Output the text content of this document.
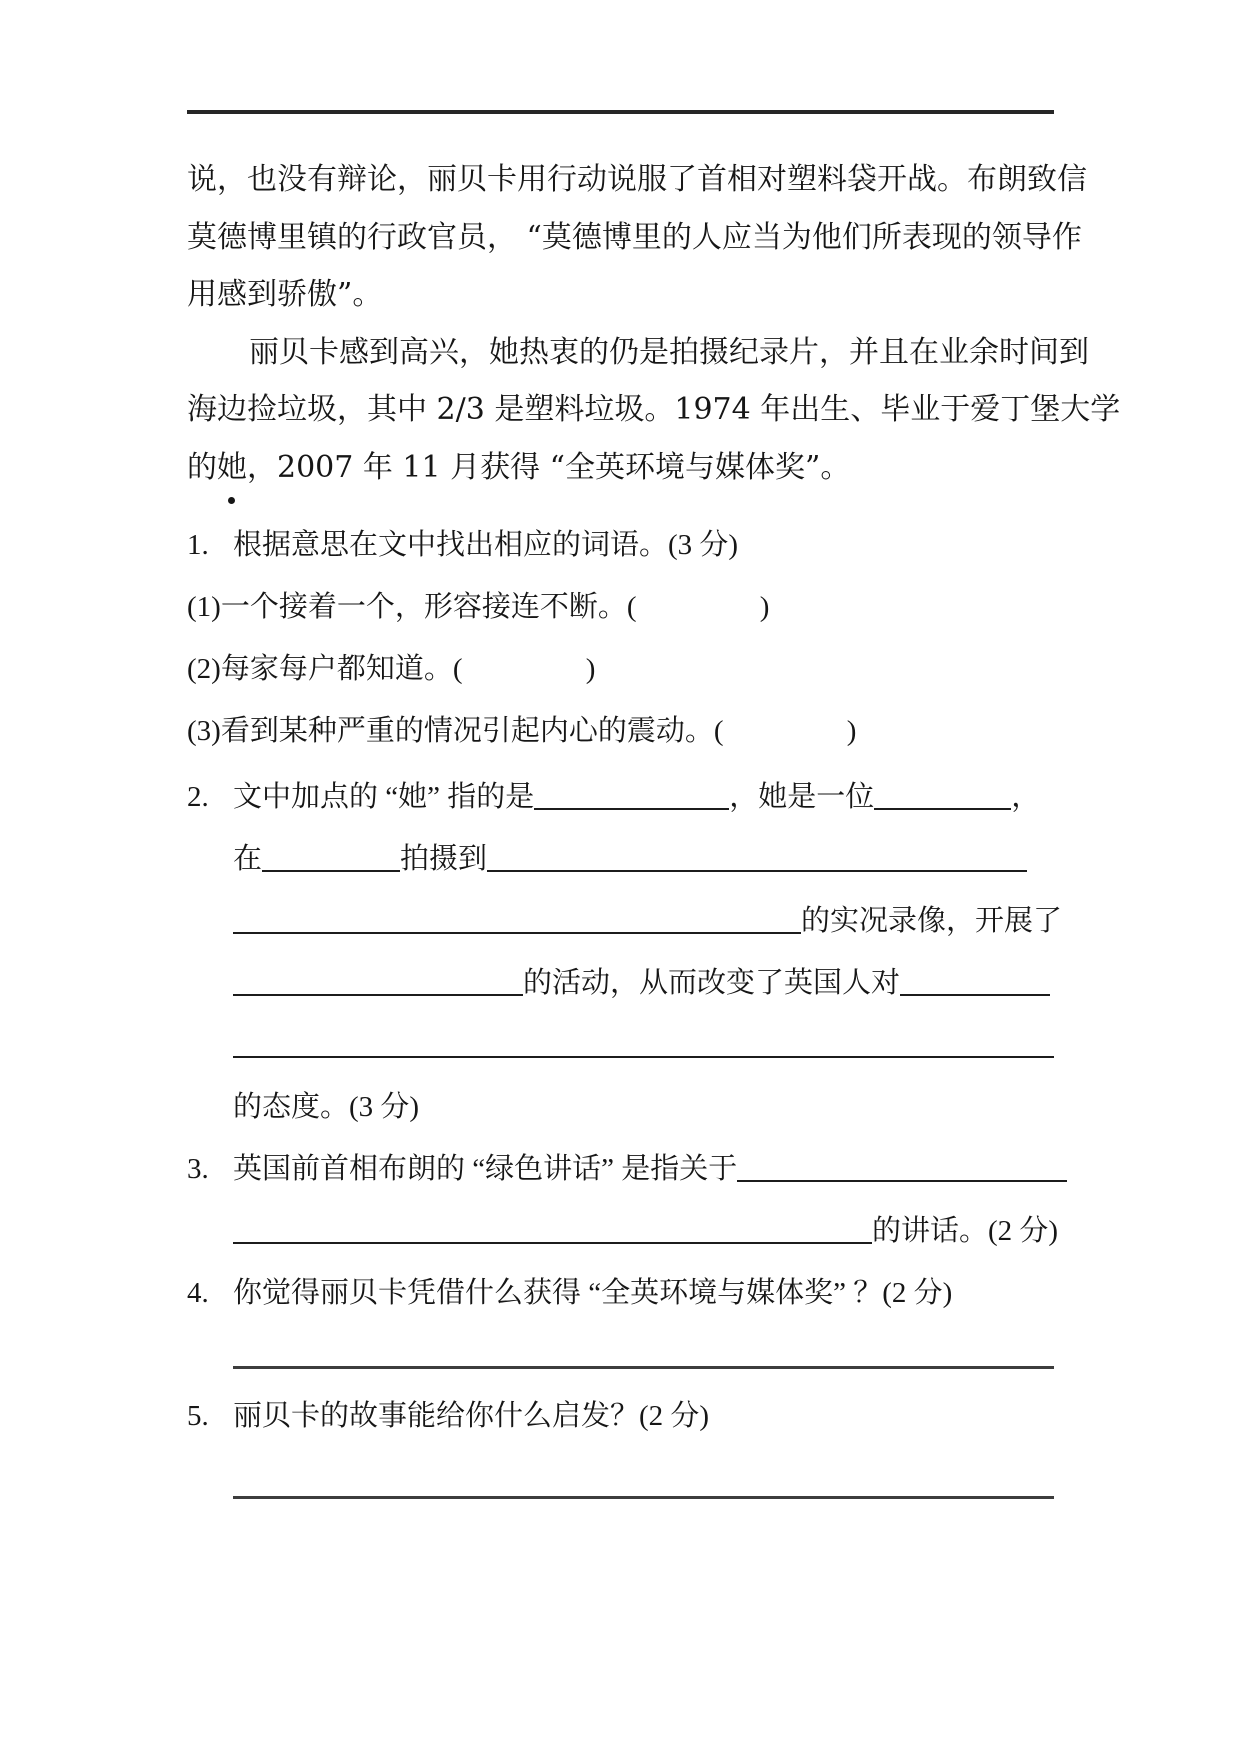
说，也没有辩论，丽贝卡用行动说服了首相对塑料袋开战。布朗致信
莫德博里镇的行政官员， “莫德博里的人应当为他们所表现的领导作
用感到骄傲”。
丽贝卡感到高兴，她热衷的仍是拍摄纪录片，并且在业余时间到
海边捡垃圾，其中 2/3 是塑料垃圾。1974 年出生、毕业于爱丁堡大学
的她，2007 年 11 月获得 “全英环境与媒体奖”。
1. 根据意思在文中找出相应的词语。(3 分)
(1)一个接着一个，形容接连不断。(　　　　 )
(2)每家每户都知道。(　　　　 )
(3)看到某种严重的情况引起内心的震动。(　　　　 )
2. 文中加点的 “她” 指的是	，她是一位	，
在	拍摄到
的实况录像，开展了
的活动，从而改变了英国人对
的态度。(3 分)
3. 英国前首相布朗的 “绿色讲话” 是指关于
的讲话。(2 分)
4. 你觉得丽贝卡凭借什么获得 “全英环境与媒体奖” ？(2 分)
5. 丽贝卡的故事能给你什么启发？(2 分)
